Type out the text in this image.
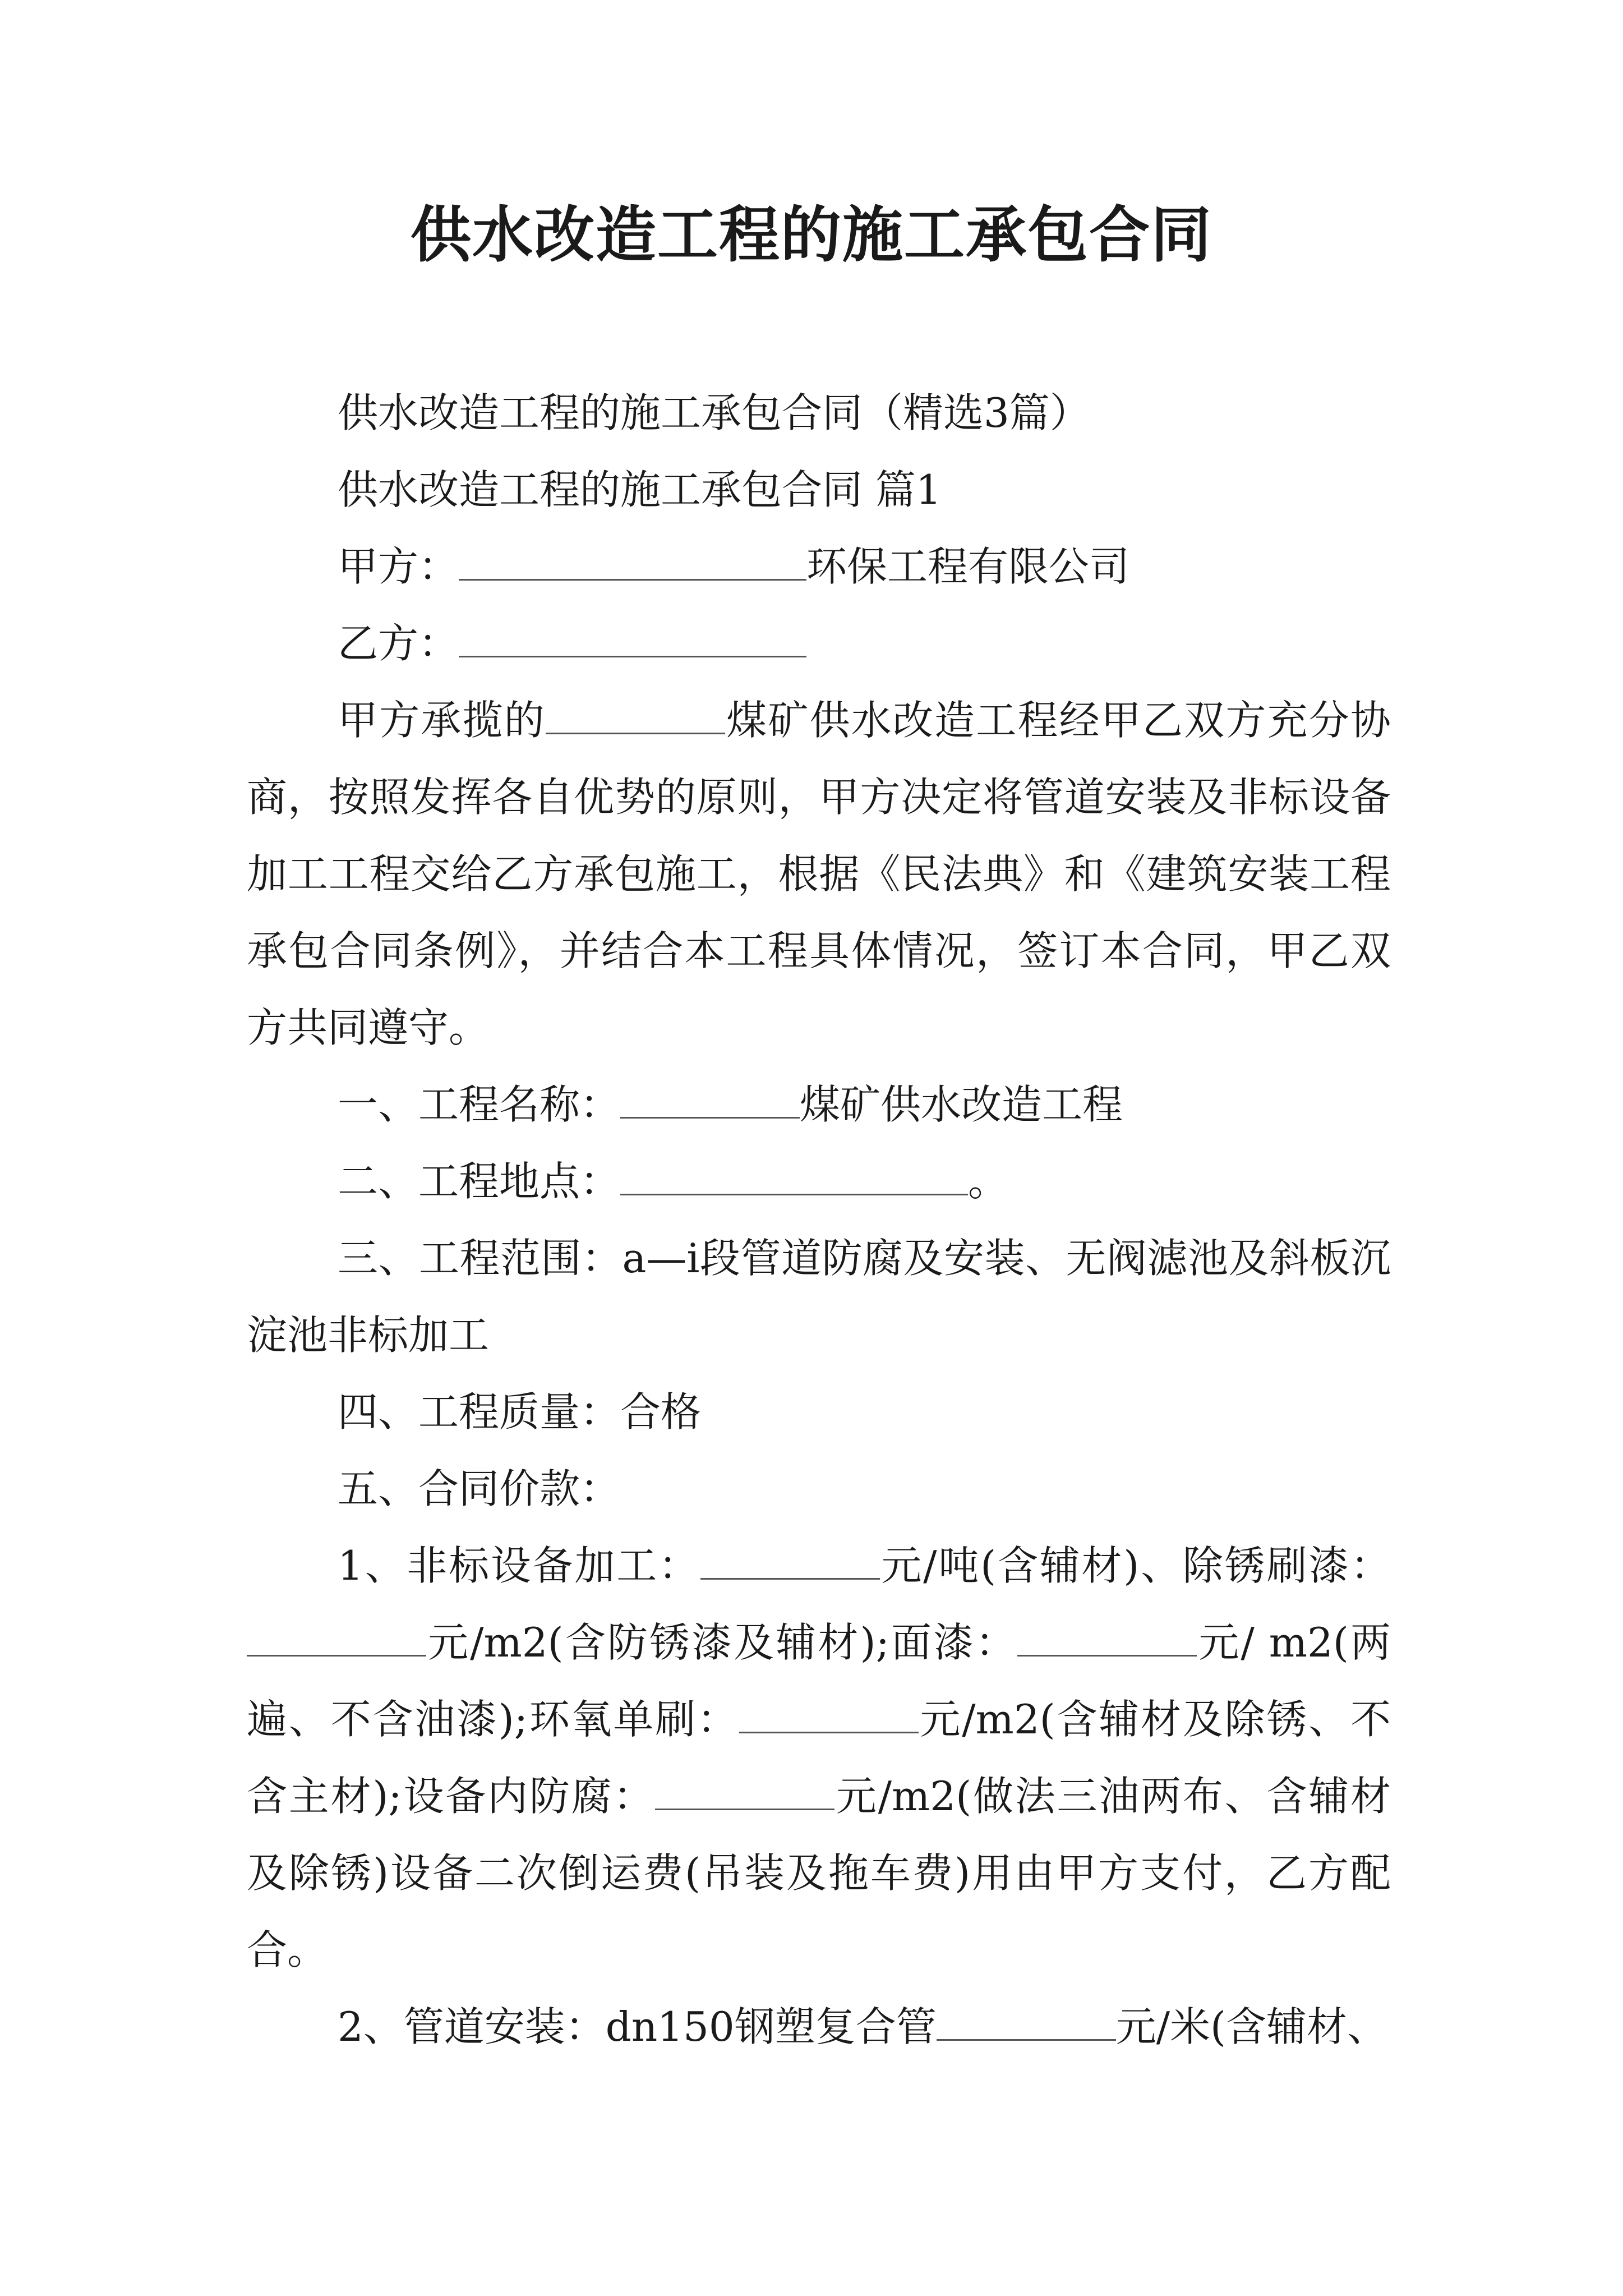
供水改造工程的施工承包合同

供水改造工程的施工承包合同（精选3篇）

供水改造工程的施工承包合同 篇1

甲方：	环保工程有限公司

乙方：

甲方承揽的	煤矿供水改造工程经甲乙双方充分协商，按照发挥各自优势的原则，甲方决定将管道安装及非标设备加工工程交给乙方承包施工，根据《民法典》和《建筑安装工程承包合同条例》，并结合本工程具体情况，签订本合同，甲乙双方共同遵守。

一、工程名称：	煤矿供水改造工程

二、工程地点：	。

三、工程范围：a—i段管道防腐及安装、无阀滤池及斜板沉淀池非标加工

四、工程质量：合格

五、合同价款：

1、非标设备加工：	元/吨(含辅材)、除锈刷漆：元/m2(含防锈漆及辅材);面漆：	元/ m2(两遍、不含油漆);环氧单刷：	元/m2(含辅材及除锈、不含主材);设备内防腐：	元/m2(做法三油两布、含辅材及除锈)设备二次倒运费(吊装及拖车费)用由甲方支付，乙方配合。

2、管道安装：dn150钢塑复合管	元/米(含辅材、
